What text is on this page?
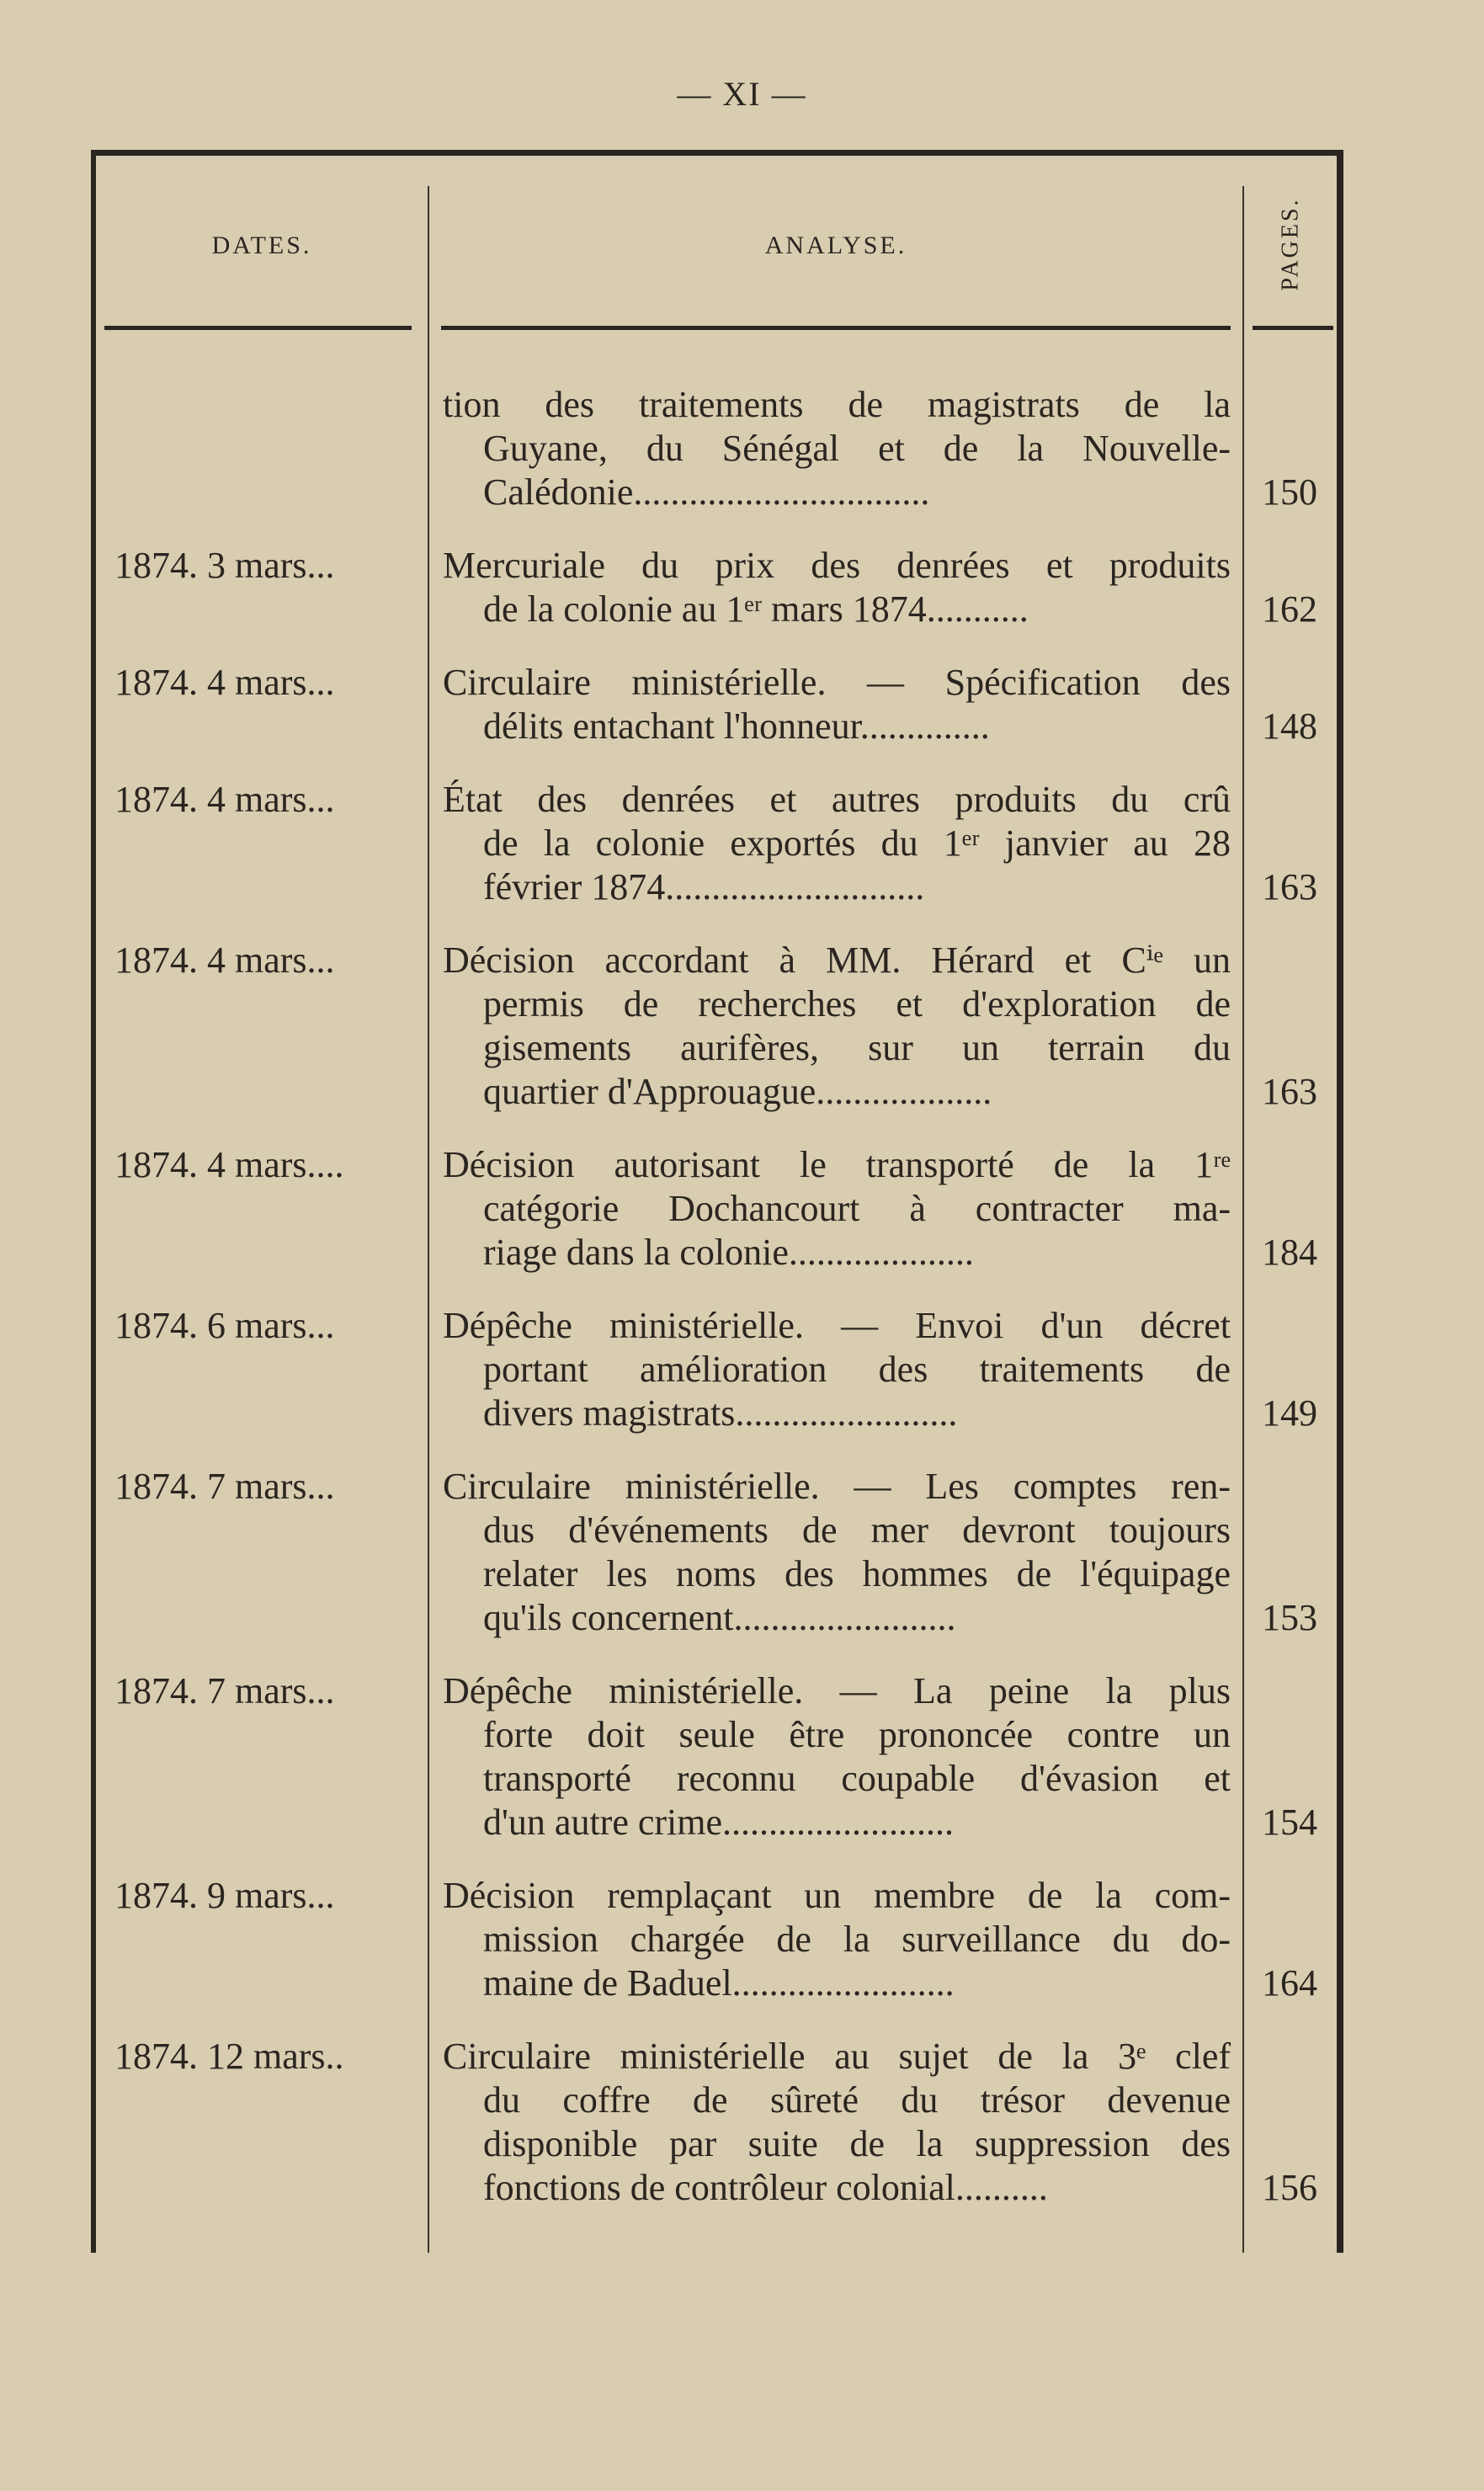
— XI —
DATES.	ANALYSE.	PAGES.
tion des traitements de magistrats de la
Guyane, du Sénégal et de la Nouvelle-
Calédonie................................	150
1874. 3 mars...	Mercuriale du prix des denrées et produits
de la colonie au 1ᵉʳ mars 1874...........	162
1874. 4 mars...	Circulaire ministérielle. — Spécification des
délits entachant l'honneur..............	148
1874. 4 mars...	État des denrées et autres produits du crû
de la colonie exportés du 1ᵉʳ janvier au 28
février 1874............................	163
1874. 4 mars...	Décision accordant à MM. Hérard et Cⁱᵉ un
permis de recherches et d'exploration de
gisements aurifères, sur un terrain du
quartier d'Approuague...................	163
1874. 4 mars....	Décision autorisant le transporté de la 1ʳᵉ
catégorie Dochancourt à contracter ma-
riage dans la colonie....................	184
1874. 6 mars...	Dépêche ministérielle. — Envoi d'un décret
portant amélioration des traitements de
divers magistrats........................	149
1874. 7 mars...	Circulaire ministérielle. — Les comptes ren-
dus d'événements de mer devront toujours
relater les noms des hommes de l'équipage
qu'ils concernent........................	153
1874. 7 mars...	Dépêche ministérielle. — La peine la plus
forte doit seule être prononcée contre un
transporté reconnu coupable d'évasion et
d'un autre crime.........................	154
1874. 9 mars...	Décision remplaçant un membre de la com-
mission chargée de la surveillance du do-
maine de Baduel........................	164
1874. 12 mars..	Circulaire ministérielle au sujet de la 3ᵉ clef
du coffre de sûreté du trésor devenue
disponible par suite de la suppression des
fonctions de contrôleur colonial..........	156
